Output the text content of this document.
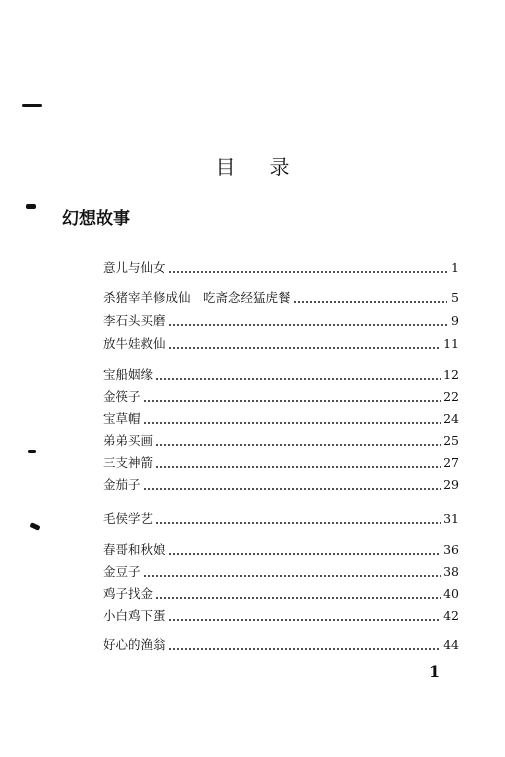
目 录
幻想故事
意儿与仙女	1
杀猪宰羊修成仙　吃斋念经猛虎餐	5
李石头买磨	9
放牛娃救仙	11
宝船姻缘	12
金筷子	22
宝草帽	24
弟弟买画	25
三支神箭	27
金茄子	29
毛侯学艺	31
春哥和秋娘	36
金豆子	38
鸡子找金	40
小白鸡下蛋	42
好心的渔翁	44
1
